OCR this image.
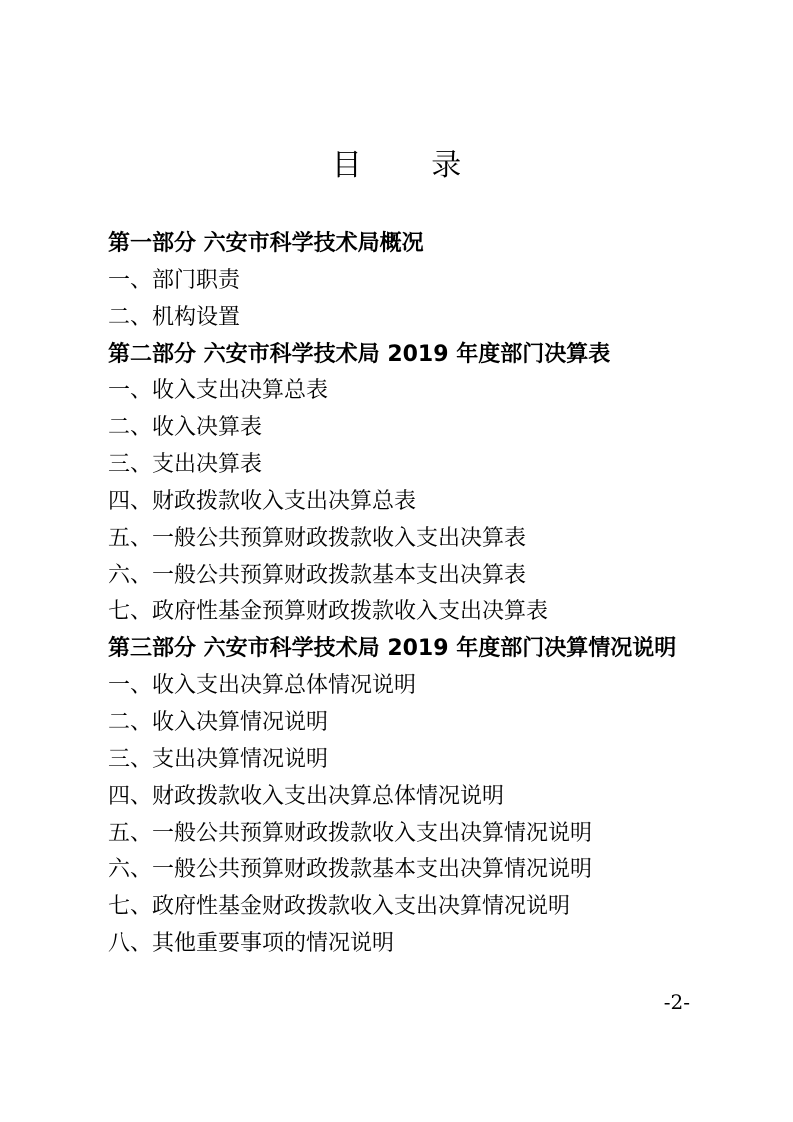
目 录
第一部分 六安市科学技术局概况
一、部门职责
二、机构设置
第二部分 六安市科学技术局 2019 年度部门决算表
一、收入支出决算总表
二、收入决算表
三、支出决算表
四、财政拨款收入支出决算总表
五、一般公共预算财政拨款收入支出决算表
六、一般公共预算财政拨款基本支出决算表
七、政府性基金预算财政拨款收入支出决算表
第三部分 六安市科学技术局 2019 年度部门决算情况说明
一、收入支出决算总体情况说明
二、收入决算情况说明
三、支出决算情况说明
四、财政拨款收入支出决算总体情况说明
五、一般公共预算财政拨款收入支出决算情况说明
六、一般公共预算财政拨款基本支出决算情况说明
七、政府性基金财政拨款收入支出决算情况说明
八、其他重要事项的情况说明
-2-
